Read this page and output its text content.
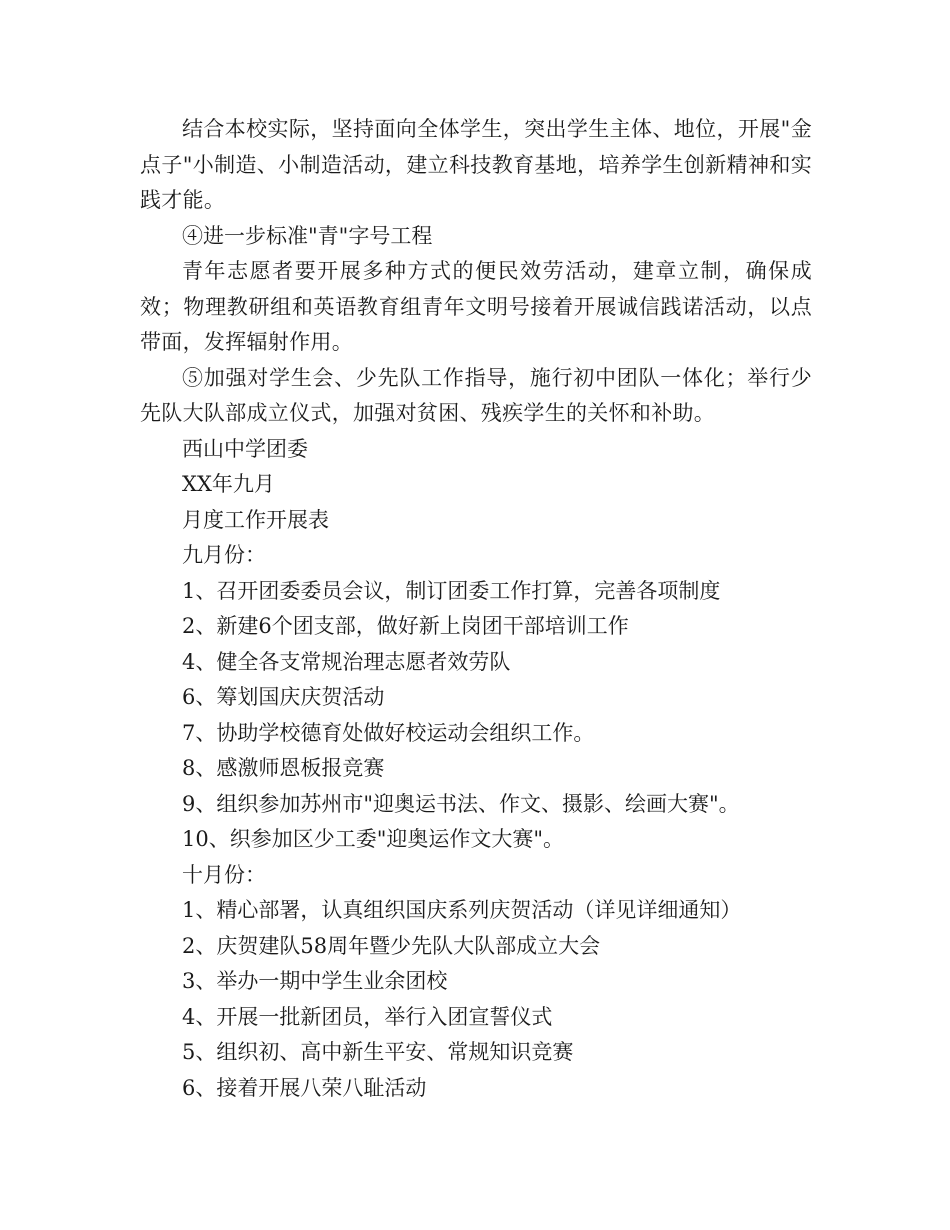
结合本校实际，坚持面向全体学生，突出学生主体、地位，开展"金点子"小制造、小制造活动，建立科技教育基地，培养学生创新精神和实践才能。

④进一步标准"青"字号工程

青年志愿者要开展多种方式的便民效劳活动，建章立制，确保成效；物理教研组和英语教育组青年文明号接着开展诚信践诺活动，以点带面，发挥辐射作用。

⑤加强对学生会、少先队工作指导，施行初中团队一体化；举行少先队大队部成立仪式，加强对贫困、残疾学生的关怀和补助。

西山中学团委

XX年九月

月度工作开展表

九月份：

1、召开团委委员会议，制订团委工作打算，完善各项制度

2、新建6个团支部，做好新上岗团干部培训工作

4、健全各支常规治理志愿者效劳队

6、筹划国庆庆贺活动

7、协助学校德育处做好校运动会组织工作。

8、感激师恩板报竞赛

9、组织参加苏州市"迎奥运书法、作文、摄影、绘画大赛"。

10、织参加区少工委"迎奥运作文大赛"。

十月份：

1、精心部署，认真组织国庆系列庆贺活动（详见详细通知）

2、庆贺建队58周年暨少先队大队部成立大会

3、举办一期中学生业余团校

4、开展一批新团员，举行入团宣誓仪式

5、组织初、高中新生平安、常规知识竞赛

6、接着开展八荣八耻活动
